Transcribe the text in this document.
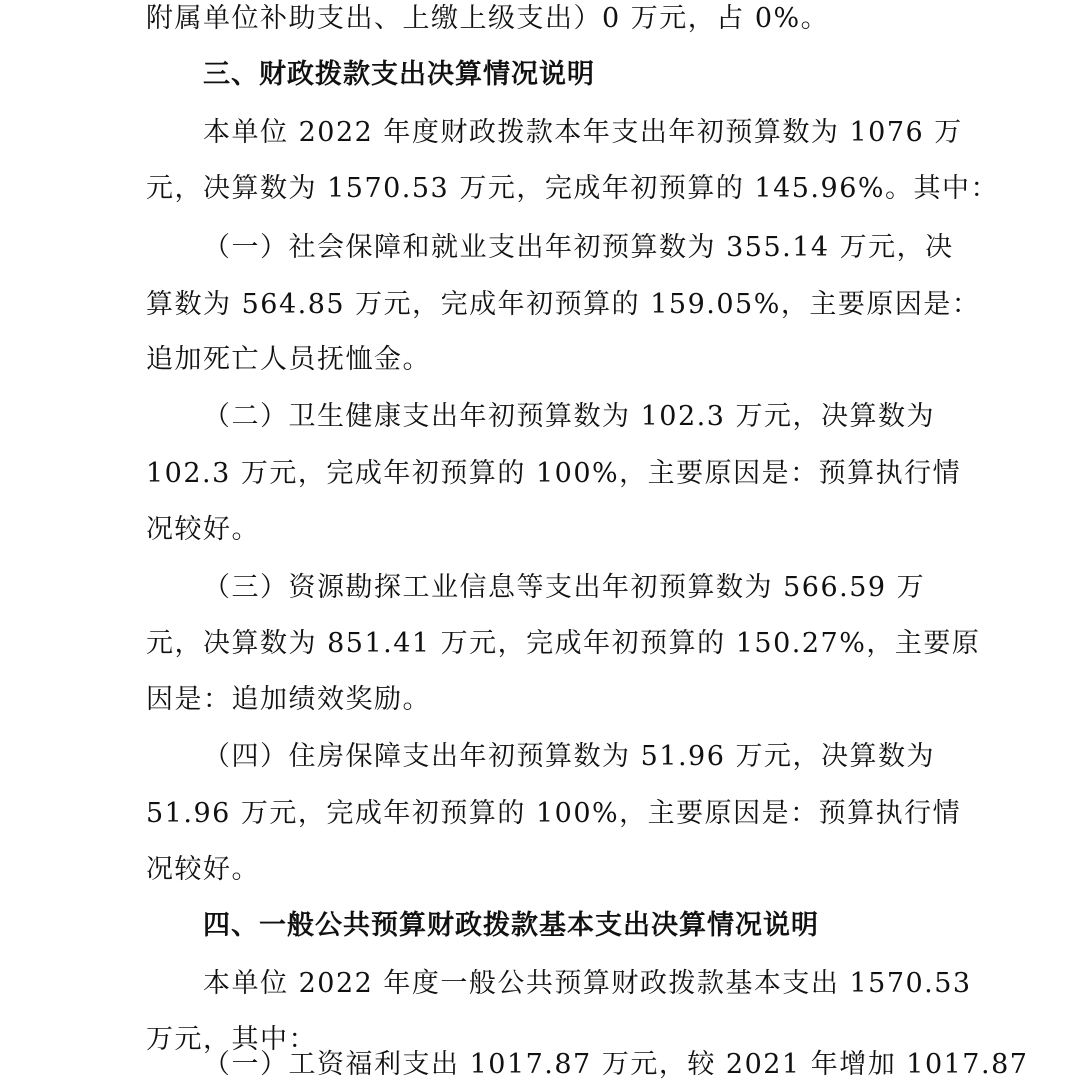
附属单位补助支出、上缴上级支出）0 万元，占 0%。
三、财政拨款支出决算情况说明
本单位 2022 年度财政拨款本年支出年初预算数为 1076 万
元，决算数为 1570.53 万元，完成年初预算的 145.96%。其中：
（一）社会保障和就业支出年初预算数为 355.14 万元，决
算数为 564.85 万元，完成年初预算的 159.05%，主要原因是：
追加死亡人员抚恤金。
（二）卫生健康支出年初预算数为 102.3 万元，决算数为
102.3 万元，完成年初预算的 100%，主要原因是：预算执行情
况较好。
（三）资源勘探工业信息等支出年初预算数为 566.59 万
元，决算数为 851.41 万元，完成年初预算的 150.27%，主要原
因是：追加绩效奖励。
（四）住房保障支出年初预算数为 51.96 万元，决算数为
51.96 万元，完成年初预算的 100%，主要原因是：预算执行情
况较好。
四、一般公共预算财政拨款基本支出决算情况说明
本单位 2022 年度一般公共预算财政拨款基本支出 1570.53
万元，其中：
（一）工资福利支出 1017.87 万元，较 2021 年增加 1017.87
